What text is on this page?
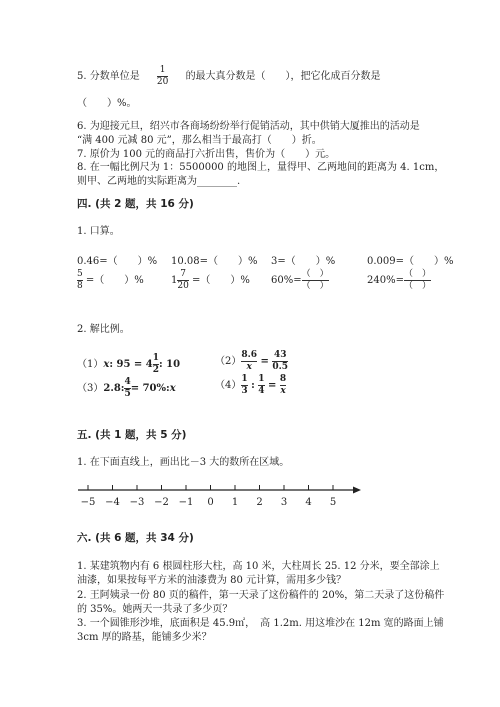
5. 分数单位是 $\frac{1}{20}$ 的最大真分数是（　　），把它化成百分数是
（　　）%。
6. 为迎接元旦，绍兴市各商场纷纷举行促销活动，其中供销大厦推出的活动是
“满 400 元减 80 元”，那么相当于最高打（　　）折。
7. 原价为 100 元的商品打六折出售，售价为（　　）元。
8. 在一幅比例尺为 1：5500000 的地图上，量得甲、乙两地间的距离为 4. 1cm，
则甲、乙两地的实际距离为________.
四. (共 2 题，共 16 分)
1. 口算。
0.46=（　　）% 10.08=（　　）% 3=（　　）%	0.009=（　　）%
$\frac{5}{8}$ =（　　）%	$1 \frac{7}{20}$ =（　　）% $60\%= \frac{( )}{( )}$	$240\%= \frac{( )}{( )}$
2. 解比例。
（1）x: $95 = 4 \frac{1}{2}$ : 10	$(2) \frac{8.6}{x} = \frac{43}{0.5}$
（3）2.8: $\frac{4}{5}$ = 70%:x	$(4) \frac{1}{3}$ : $\frac{1}{4} = \frac{8}{x}$
五. (共 1 题，共 5 分)
1. 在下面直线上，画出比－3 大的数所在区域。
−5 −4 −3 −2 −1 0 1 2 3 4 5
六. (共 6 题，共 34 分)
1. 某建筑物内有 6 根圆柱形大柱，高 10 米，大柱周长 25. 12 分米，要全部涂上
油漆，如果按每平方米的油漆费为 80 元计算，需用多少钱？
2. 王阿姨录一份 80 页的稿件，第一天录了这份稿件的 20%，第二天录了这份稿件
的 35%。她两天一共录了多少页？
3. 一个圆锥形沙堆，底面积是 45.9㎡，　高 1.2m. 用这堆沙在 12m 宽的路面上铺
3cm 厚的路基，能铺多少米？
